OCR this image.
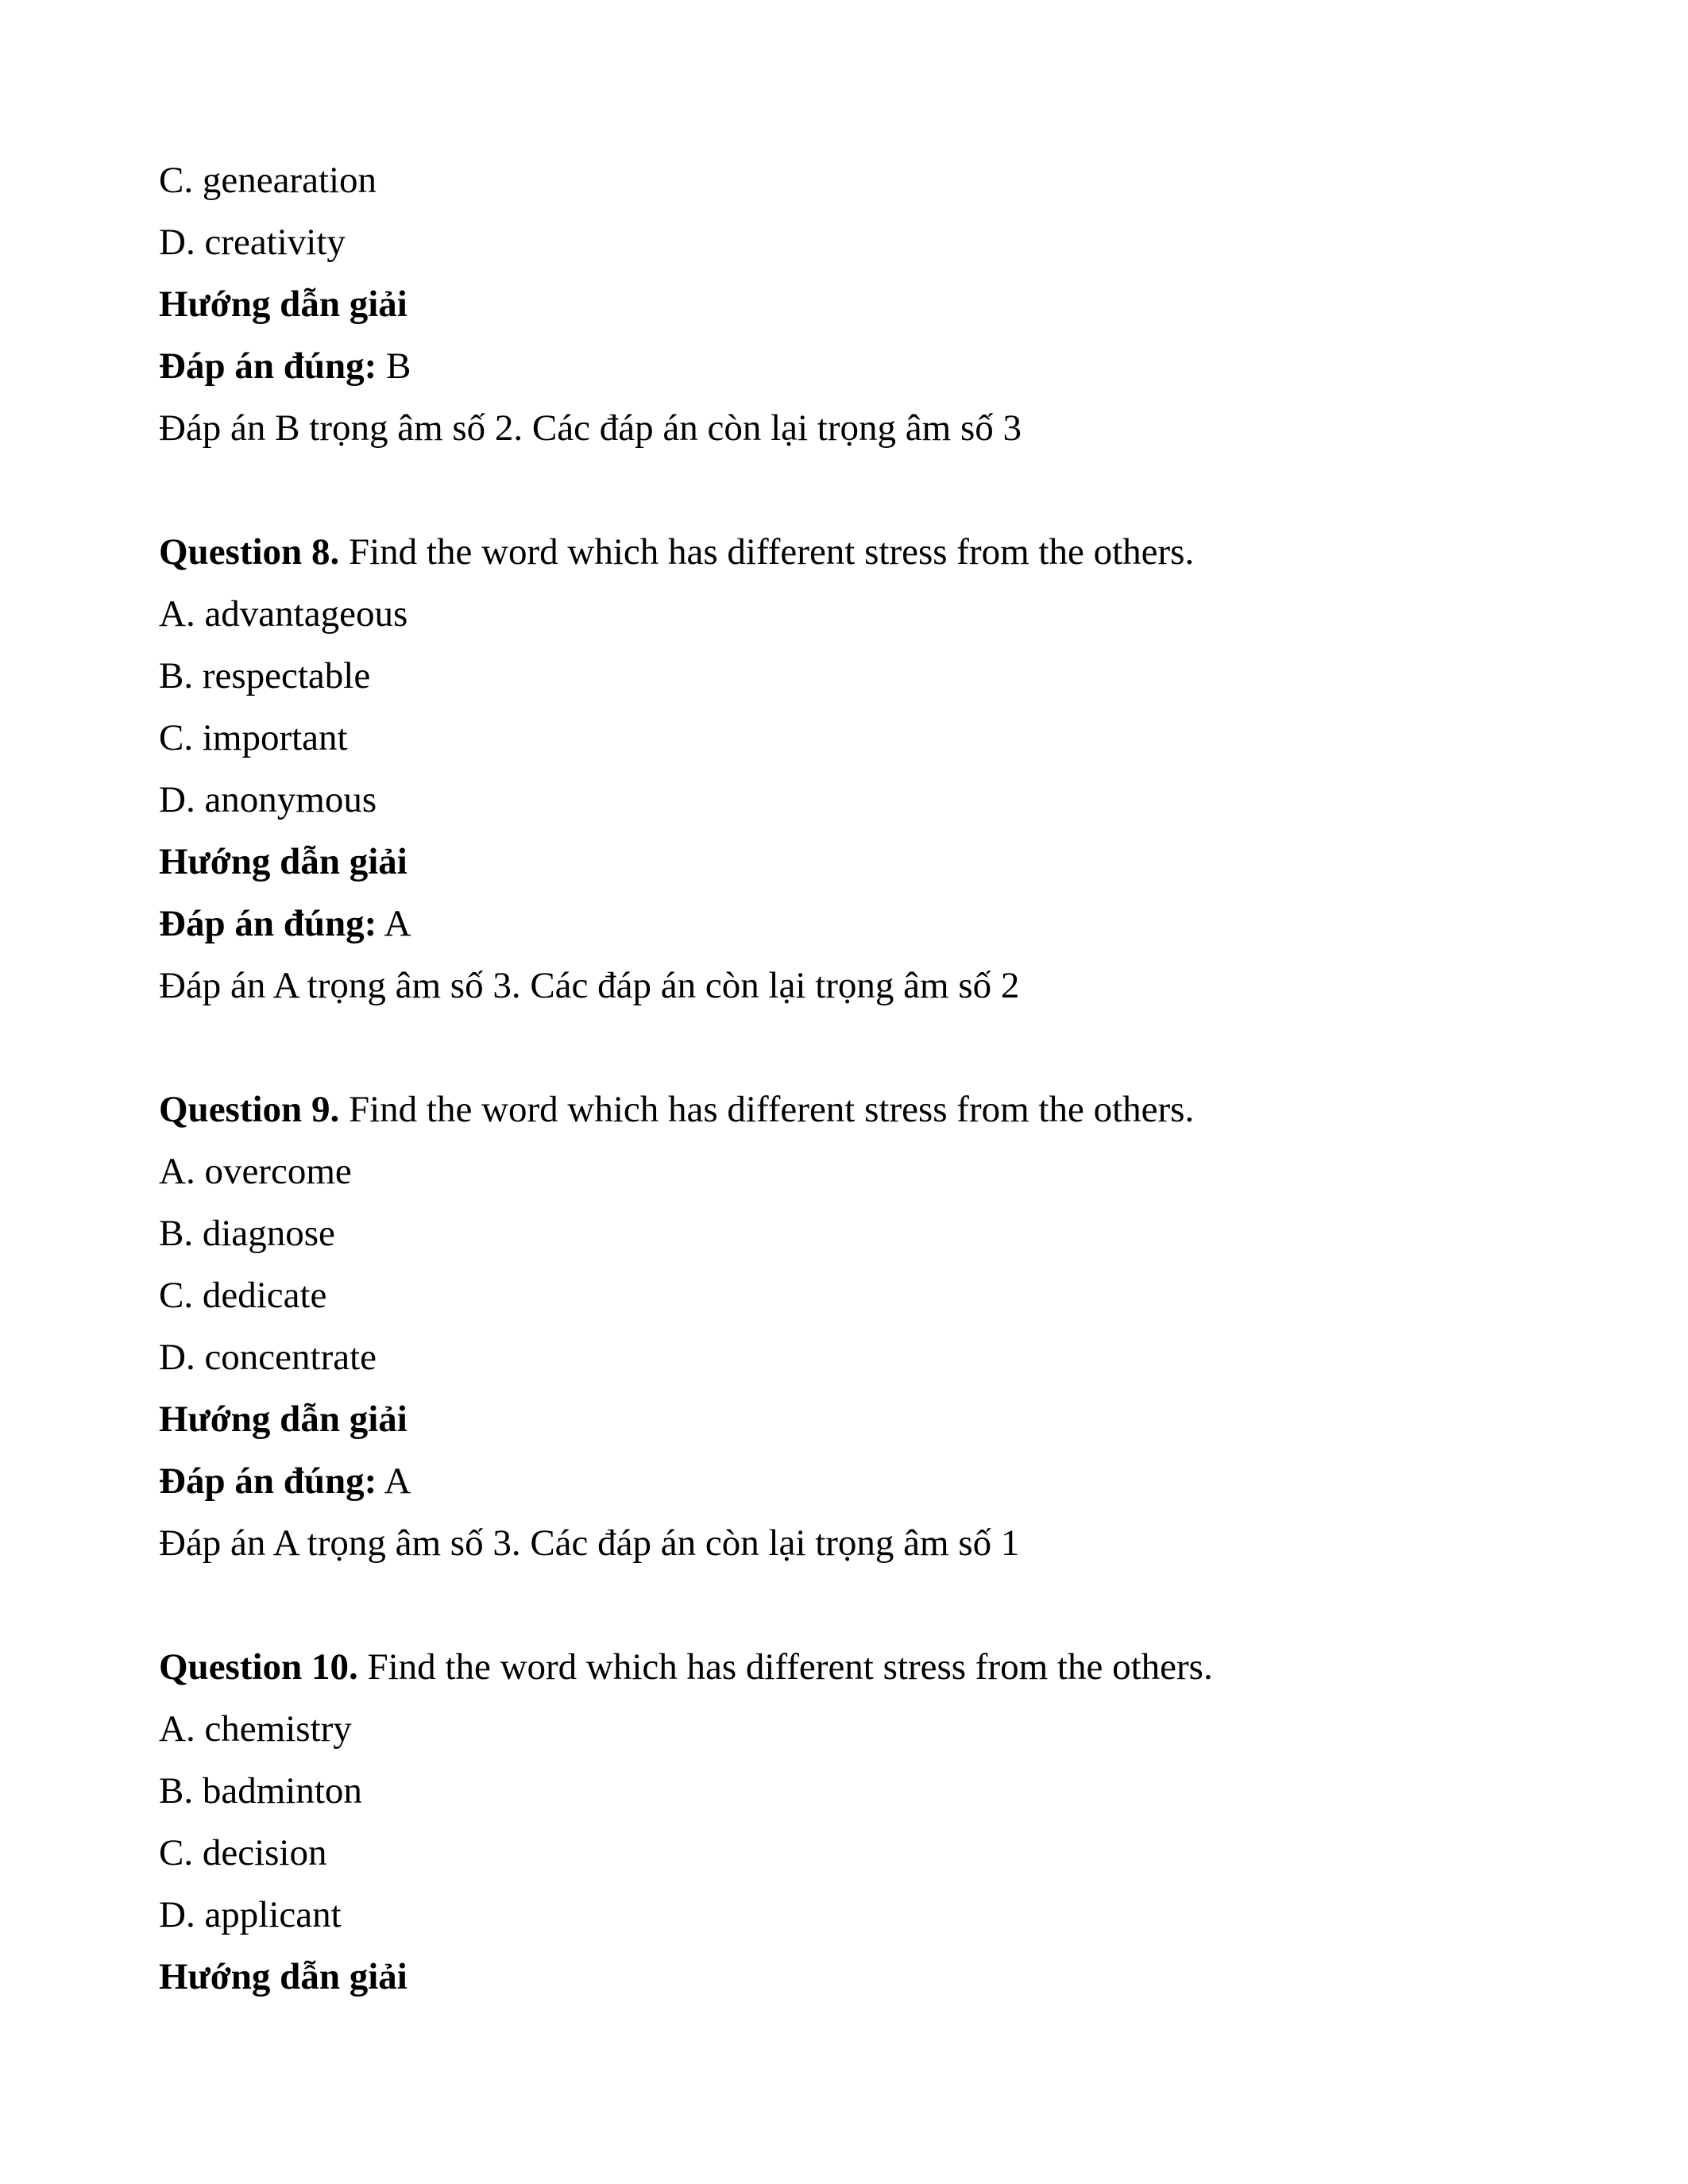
C. genearation

D. creativity

Hướng dẫn giải

Đáp án đúng: B

Đáp án B trọng âm số 2. Các đáp án còn lại trọng âm số 3

Question 8. Find the word which has different stress from the others.

A. advantageous

B. respectable

C. important

D. anonymous

Hướng dẫn giải

Đáp án đúng: A

Đáp án A trọng âm số 3. Các đáp án còn lại trọng âm số 2

Question 9. Find the word which has different stress from the others.

A. overcome

B. diagnose

C. dedicate

D. concentrate

Hướng dẫn giải

Đáp án đúng: A

Đáp án A trọng âm số 3. Các đáp án còn lại trọng âm số 1

Question 10. Find the word which has different stress from the others.

A. chemistry

B. badminton

C. decision

D. applicant

Hướng dẫn giải
